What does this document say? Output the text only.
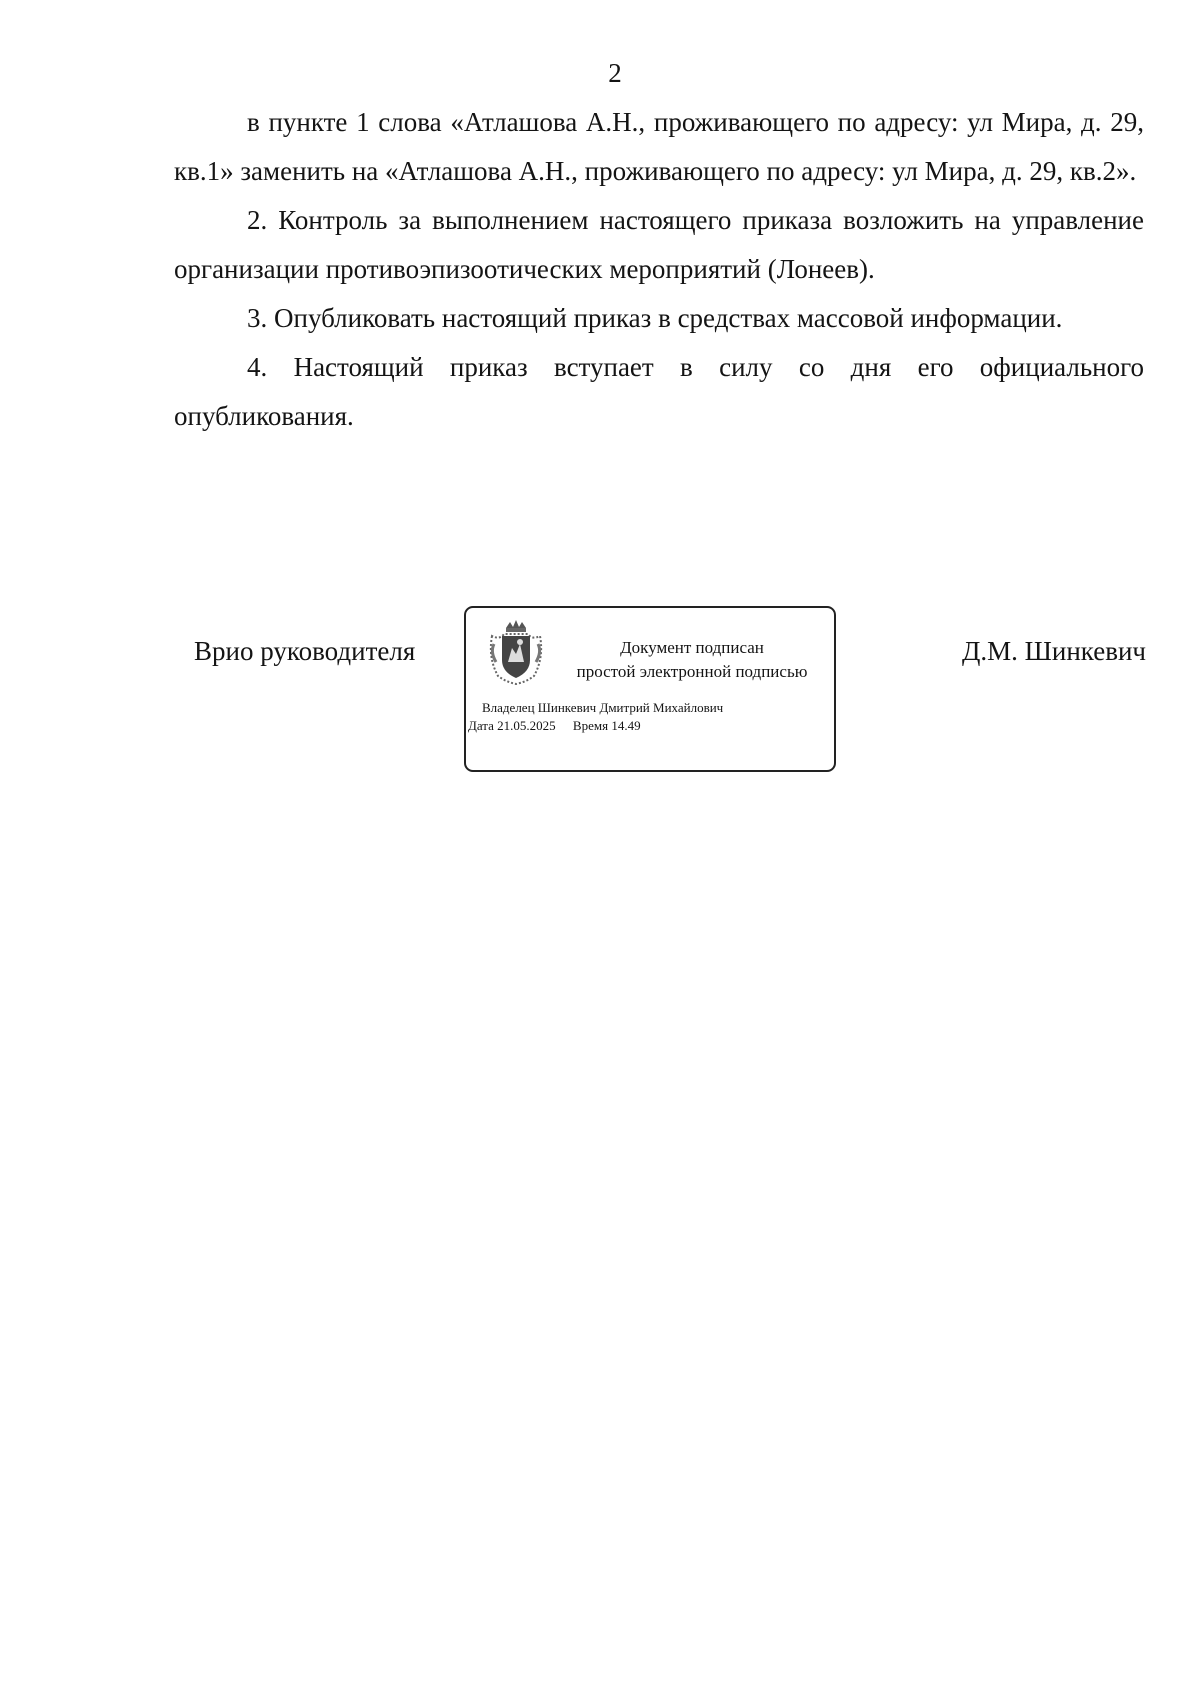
2

в пункте 1 слова «Атлашова А.Н., проживающего по адресу: ул Мира, д. 29, кв.1» заменить на «Атлашова А.Н., проживающего по адресу: ул Мира, д. 29, кв.2».

2. Контроль за выполнением настоящего приказа возложить на управление организации противоэпизоотических мероприятий (Лонеев).

3. Опубликовать настоящий приказ в средствах массовой информации.

4. Настоящий приказ вступает в силу со дня его официального опубликования.

Врио руководителя	Документ подписан
простой электронной подписью
Владелец Шинкевич Дмитрий Михайлович
Дата 21.05.2025 Время 14.49
Д.М. Шинкевич
